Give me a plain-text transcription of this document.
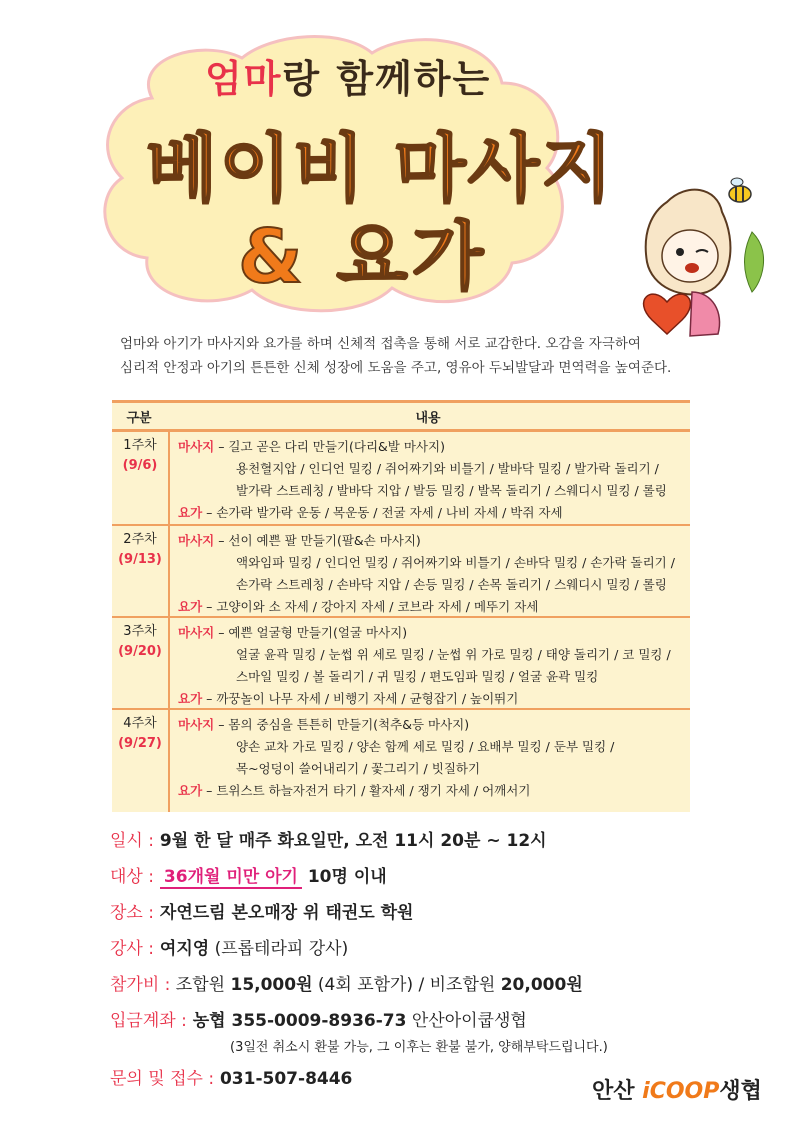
엄마랑 함께하는
베이비 마사지
& 요가
엄마와 아기가 마사지와 요가를 하며 신체적 접촉을 통해 서로 교감한다. 오감을 자극하여
심리적 안정과 아기의 튼튼한 신체 성장에 도움을 주고, 영유아 두뇌발달과 면역력을 높여준다.
구분	내용
1주차
(9/6)
마사지 – 길고 곧은 다리 만들기(다리&발 마사지)
용천혈지압 / 인디언 밀킹 / 쥐어짜기와 비틀기 / 발바닥 밀킹 / 발가락 돌리기 /
발가락 스트레칭 / 발바닥 지압 / 발등 밀킹 / 발목 돌리기 / 스웨디시 밀킹 / 롤링
요가 – 손가락 발가락 운동 / 목운동 / 전굴 자세 / 나비 자세 / 박쥐 자세
2주차
(9/13)
마사지 – 선이 예쁜 팔 만들기(팔&손 마사지)
액와임파 밀킹 / 인디언 밀킹 / 쥐어짜기와 비틀기 / 손바닥 밀킹 / 손가락 돌리기 /
손가락 스트레칭 / 손바닥 지압 / 손등 밀킹 / 손목 돌리기 / 스웨디시 밀킹 / 롤링
요가 – 고양이와 소 자세 / 강아지 자세 / 코브라 자세 / 메뚜기 자세
3주차
(9/20)
마사지 – 예쁜 얼굴형 만들기(얼굴 마사지)
얼굴 윤곽 밀킹 / 눈썹 위 세로 밀킹 / 눈썹 위 가로 밀킹 / 태양 돌리기 / 코 밀킹 /
스마일 밀킹 / 볼 돌리기 / 귀 밀킹 / 편도임파 밀킹 / 얼굴 윤곽 밀킹
요가 – 까꿍놀이 나무 자세 / 비행기 자세 / 균형잡기 / 높이뛰기
4주차
(9/27)
마사지 – 몸의 중심을 튼튼히 만들기(척추&등 마사지)
양손 교차 가로 밀킹 / 양손 함께 세로 밀킹 / 요배부 밀킹 / 둔부 밀킹 /
목~엉덩이 쓸어내리기 / 꽃그리기 / 빗질하기
요가 – 트위스트 하늘자전거 타기 / 활자세 / 쟁기 자세 / 어깨서기
일시 : 9월 한 달 매주 화요일만, 오전 11시 20분 ~ 12시
대상 : 36개월 미만 아기 10명 이내
장소 : 자연드림 본오매장 위 태권도 학원
강사 : 여지영 (프롭테라피 강사)
참가비 : 조합원 15,000원 (4회 포함가) / 비조합원 20,000원
입금계좌 : 농협 355-0009-8936-73 안산아이쿱생협
(3일전 취소시 환불 가능, 그 이후는 환불 불가, 양해부탁드립니다.)
문의 및 접수 : 031-507-8446	안산 iCOOP생협
